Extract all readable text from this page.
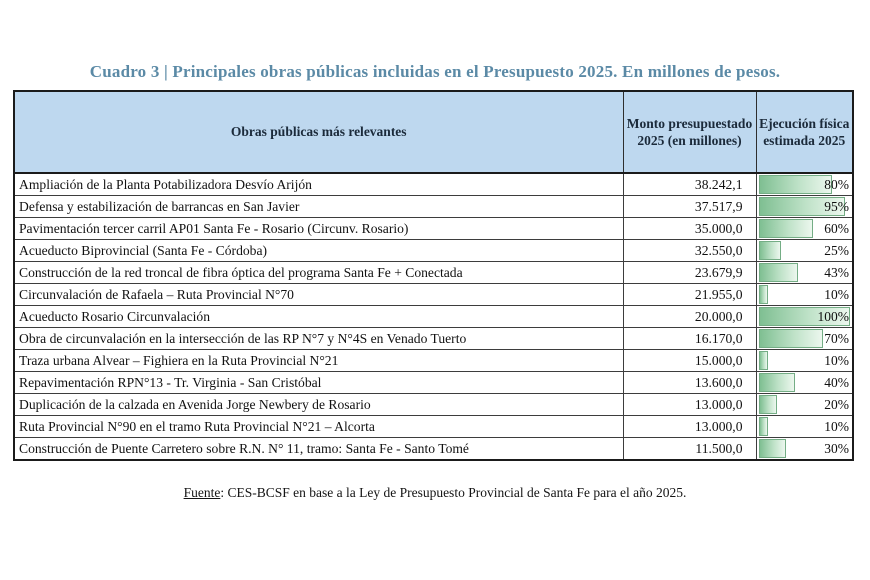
Cuadro 3 | Principales obras públicas incluidas en el Presupuesto 2025. En millones de pesos.
Obras públicas más relevantes	Monto presupuestado 2025 (en millones)	Ejecución física estimada 2025
Ampliación de la Planta Potabilizadora Desvío Arijón	38.242,1	80%

Defensa y estabilización de barrancas en San Javier	37.517,9	95%

Pavimentación tercer carril AP01 Santa Fe - Rosario (Circunv. Rosario)	35.000,0	60%

Acueducto Biprovincial (Santa Fe - Córdoba)	32.550,0	25%

Construcción de la red troncal de fibra óptica del programa Santa Fe + Conectada	23.679,9	43%

Circunvalación de Rafaela – Ruta Provincial N°70	21.955,0	10%

Acueducto Rosario Circunvalación	20.000,0	100%

Obra de circunvalación en la intersección de las RP N°7 y N°4S en Venado Tuerto	16.170,0	70%

Traza urbana Alvear – Fighiera en la Ruta Provincial N°21	15.000,0	10%

Repavimentación RPN°13 - Tr. Virginia - San Cristóbal	13.600,0	40%

Duplicación de la calzada en Avenida Jorge Newbery de Rosario	13.000,0	20%

Ruta Provincial N°90 en el tramo Ruta Provincial N°21 – Alcorta	13.000,0	10%

Construcción de Puente Carretero sobre R.N. N° 11, tramo: Santa Fe - Santo Tomé	11.500,0	30%
Fuente: CES-BCSF en base a la Ley de Presupuesto Provincial de Santa Fe para el año 2025.
